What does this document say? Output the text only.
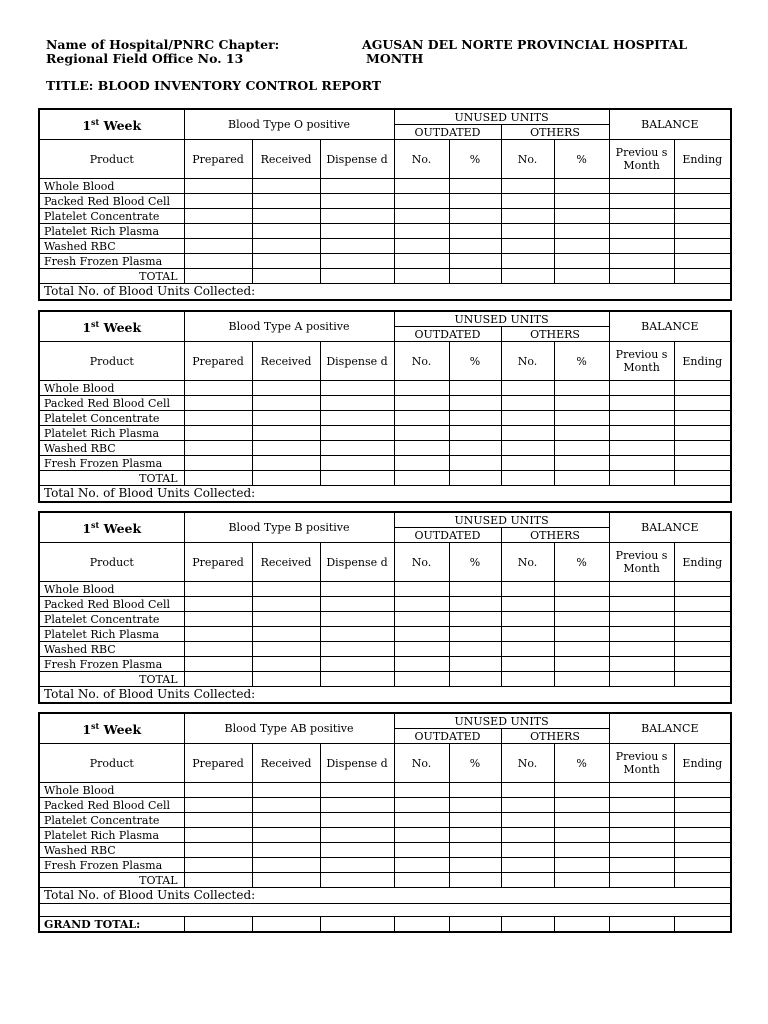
Name of Hospital/PNRC Chapter:	AGUSAN DEL NORTE PROVINCIAL HOSPITAL
Regional Field Office No. 13	MONTH
TITLE: BLOOD INVENTORY CONTROL REPORT
1st Week	Blood Type O positive			UNUSED UNITS				BALANCE	
				OUTDATED		OTHERS			
Product	Prepared	Received	Dispense d	No.	%	No.	%	Previou s Month	Ending
Whole Blood									
Packed Red Blood Cell									
Platelet Concentrate									
Platelet Rich Plasma									
Washed RBC									
Fresh Frozen Plasma									
TOTAL									
Total No. of Blood Units Collected:									
1st Week	Blood Type A positive			UNUSED UNITS				BALANCE	
				OUTDATED		OTHERS			
Product	Prepared	Received	Dispense d	No.	%	No.	%	Previou s Month	Ending
Whole Blood									
Packed Red Blood Cell									
Platelet Concentrate									
Platelet Rich Plasma									
Washed RBC									
Fresh Frozen Plasma									
TOTAL									
Total No. of Blood Units Collected:									
1st Week	Blood Type B positive			UNUSED UNITS				BALANCE	
				OUTDATED		OTHERS			
Product	Prepared	Received	Dispense d	No.	%	No.	%	Previou s Month	Ending
Whole Blood									
Packed Red Blood Cell									
Platelet Concentrate									
Platelet Rich Plasma									
Washed RBC									
Fresh Frozen Plasma									
TOTAL									
Total No. of Blood Units Collected:									
1st Week	Blood Type AB positive			UNUSED UNITS				BALANCE	
				OUTDATED		OTHERS			
Product	Prepared	Received	Dispense d	No.	%	No.	%	Previou s Month	Ending
Whole Blood									
Packed Red Blood Cell									
Platelet Concentrate									
Platelet Rich Plasma									
Washed RBC									
Fresh Frozen Plasma									
TOTAL									
Total No. of Blood Units Collected:									

GRAND TOTAL:									
